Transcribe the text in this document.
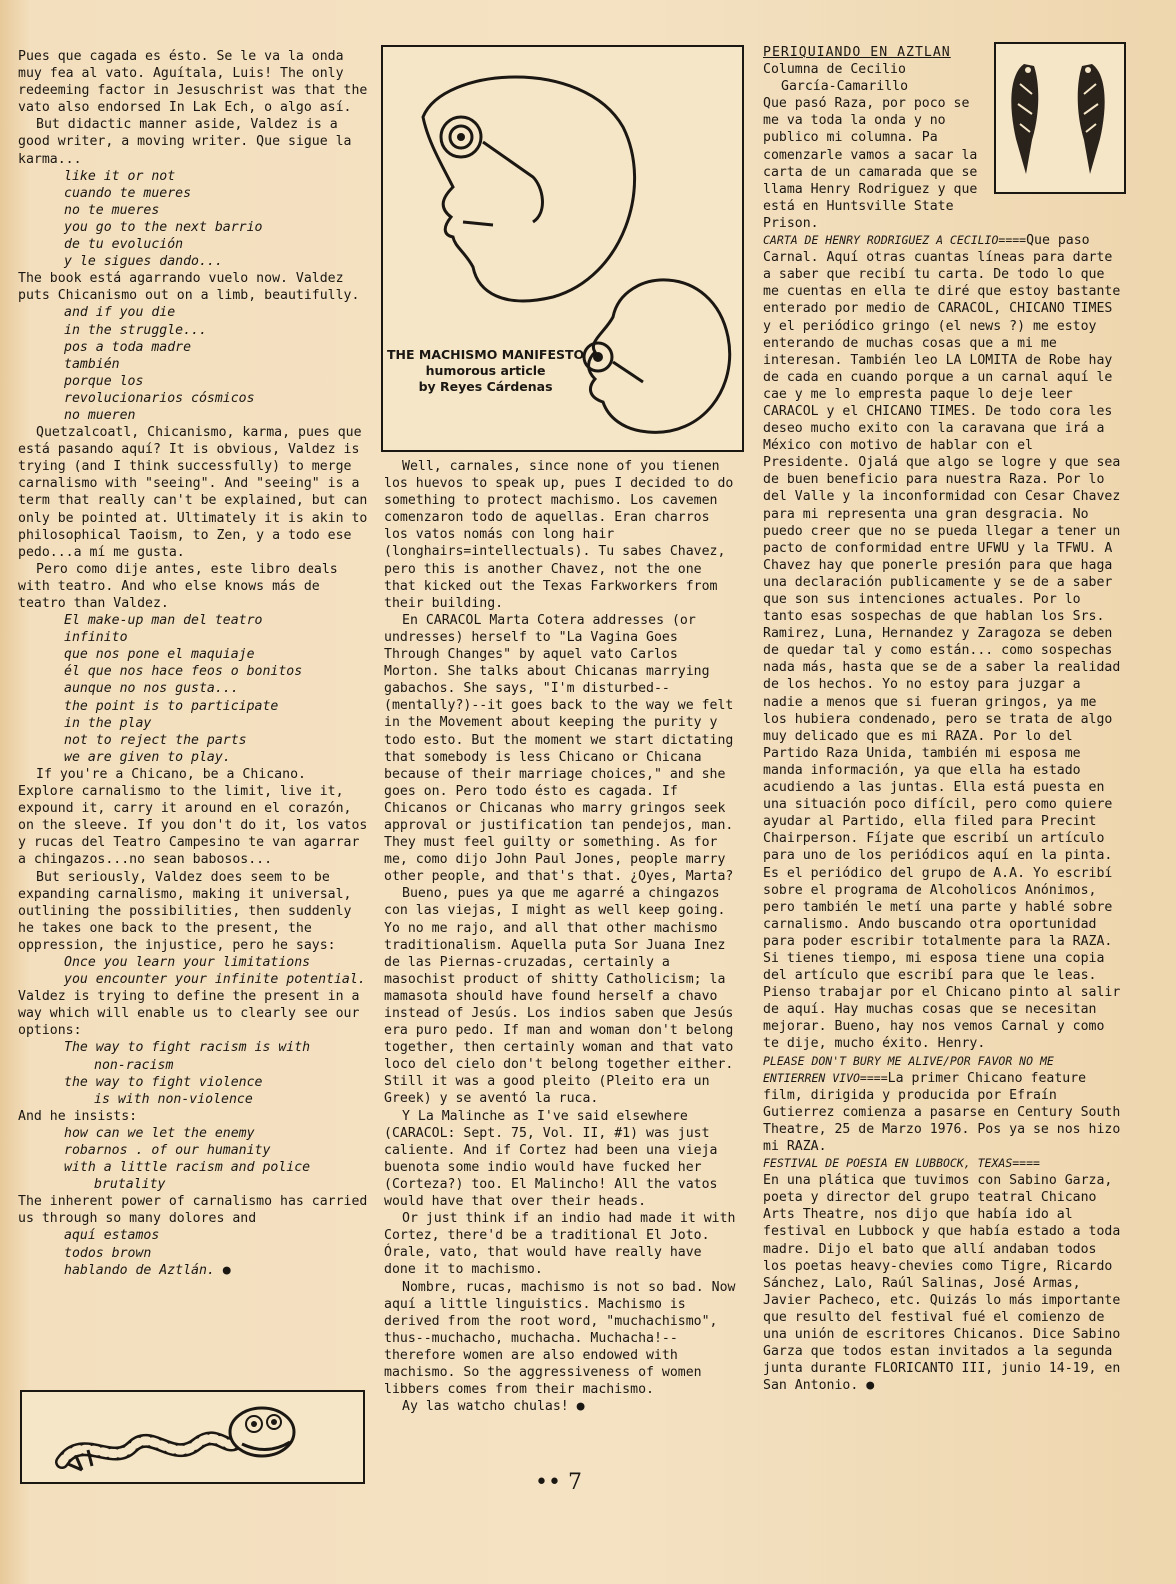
Pues que cagada es ésto. Se le va la onda muy fea al vato. Aguítala, Luis! The only redeeming factor in Jesuschrist was that the vato also endorsed In Lak Ech, o algo así.

But didactic manner aside, Valdez is a good writer, a moving writer. Que sigue la karma...

like it or not
cuando te mueres
no te mueres
you go to the next barrio
de tu evolución
y le sigues dando...

The book está agarrando vuelo now. Valdez puts Chicanismo out on a limb, beautifully.

and if you die
in the struggle...
pos a toda madre
también
porque los
revolucionarios cósmicos
no mueren

Quetzalcoatl, Chicanismo, karma, pues que está pasando aquí? It is obvious, Valdez is trying (and I think successfully) to merge carnalismo with "seeing". And "seeing" is a term that really can't be explained, but can only be pointed at. Ultimately it is akin to philosophical Taoism, to Zen, y a todo ese pedo...a mí me gusta.

Pero como dije antes, este libro deals with teatro. And who else knows más de teatro than Valdez.

El make-up man del teatro
infinito
que nos pone el maquiaje
él que nos hace feos o bonitos
aunque no nos gusta...
the point is to participate
in the play
not to reject the parts
we are given to play.

If you're a Chicano, be a Chicano. Explore carnalismo to the limit, live it, expound it, carry it around en el corazón, on the sleeve. If you don't do it, los vatos y rucas del Teatro Campesino te van agarrar a chingazos...no sean babosos...

But seriously, Valdez does seem to be expanding carnalismo, making it universal, outlining the possibilities, then suddenly he takes one back to the present, the oppression, the injustice, pero he says:

Once you learn your limitations
you encounter your infinite potential.

Valdez is trying to define the present in a way which will enable us to clearly see our options:

The way to fight racism is with
non-racism
the way to fight violence
is with non-violence

And he insists:

how can we let the enemy
robarnos . of our humanity
with a little racism and police
brutality

The inherent power of carnalismo has carried us through so many dolores and

aquí estamos
todos brown
hablando de Aztlán. ●
THE MACHISMO MANIFESTO
humorous article
by Reyes Cárdenas

Well, carnales, since none of you tienen los huevos to speak up, pues I decided to do something to protect machismo. Los cavemen comenzaron todo de aquellas. Eran charros los vatos nomás con long hair (longhairs=intellectuals). Tu sabes Chavez, pero this is another Chavez, not the one that kicked out the Texas Farkworkers from their building.

En CARACOL Marta Cotera addresses (or undresses) herself to "La Vagina Goes Through Changes" by aquel vato Carlos Morton. She talks about Chicanas marrying gabachos. She says, "I'm disturbed--(mentally?)--it goes back to the way we felt in the Movement about keeping the purity y todo esto. But the moment we start dictating that somebody is less Chicano or Chicana because of their marriage choices," and she goes on. Pero todo ésto es cagada. If Chicanos or Chicanas who marry gringos seek approval or justification tan pendejos, man. They must feel guilty or something. As for me, como dijo John Paul Jones, people marry other people, and that's that. ¿Oyes, Marta?

Bueno, pues ya que me agarré a chingazos con las viejas, I might as well keep going. Yo no me rajo, and all that other machismo traditionalism. Aquella puta Sor Juana Inez de las Piernas-cruzadas, certainly a masochist product of shitty Catholicism; la mamasota should have found herself a chavo instead of Jesús. Los indios saben que Jesús era puro pedo. If man and woman don't belong together, then certainly woman and that vato loco del cielo don't belong together either. Still it was a good pleito (Pleito era un Greek) y se aventó la ruca.

Y La Malinche as I've said elsewhere (CARACOL: Sept. 75, Vol. II, #1) was just caliente. And if Cortez had been una vieja buenota some indio would have fucked her (Corteza?) too. El Malincho! All the vatos would have that over their heads.

Or just think if an indio had made it with Cortez, there'd be a traditional El Joto. Órale, vato, that would have really have done it to machismo.

Nombre, rucas, machismo is not so bad. Now aquí a little linguistics. Machismo is derived from the root word, "muchachismo", thus--muchacho, muchacha. Muchacha!--therefore women are also endowed with machismo. So the aggressiveness of women libbers comes from their machismo.

Ay las watcho chulas! ●

PERIQUIANDO EN AZTLAN
Columna de Cecilio
García-Camarillo

Que pasó Raza, por poco se me va toda la onda y no publico mi columna. Pa comenzarle vamos a sacar la carta de un camarada que se llama Henry Rodriguez y que está en Huntsville State Prison.

CARTA DE HENRY RODRIGUEZ A CECILIO====Que paso Carnal. Aquí otras cuantas líneas para darte a saber que recibí tu carta. De todo lo que me cuentas en ella te diré que estoy bastante enterado por medio de CARACOL, CHICANO TIMES y el periódico gringo (el news ?) me estoy enterando de muchas cosas que a mi me interesan. También leo LA LOMITA de Robe hay de cada en cuando porque a un carnal aquí le cae y me lo empresta paque lo deje leer CARACOL y el CHICANO TIMES. De todo cora les deseo mucho exito con la caravana que irá a México con motivo de hablar con el Presidente. Ojalá que algo se logre y que sea de buen beneficio para nuestra Raza. Por lo del Valle y la inconformidad con Cesar Chavez para mi representa una gran desgracia. No puedo creer que no se pueda llegar a tener un pacto de conformidad entre UFWU y la TFWU. A Chavez hay que ponerle presión para que haga una declaración publicamente y se de a saber que son sus intenciones actuales. Por lo tanto esas sospechas de que hablan los Srs. Ramirez, Luna, Hernandez y Zaragoza se deben de quedar tal y como están... como sospechas nada más, hasta que se de a saber la realidad de los hechos. Yo no estoy para juzgar a nadie a menos que si fueran gringos, ya me los hubiera condenado, pero se trata de algo muy delicado que es mi RAZA. Por lo del Partido Raza Unida, también mi esposa me manda información, ya que ella ha estado acudiendo a las juntas. Ella está puesta en una situación poco difícil, pero como quiere ayudar al Partido, ella filed para Precint Chairperson. Fíjate que escribí un artículo para uno de los periódicos aquí en la pinta. Es el periódico del grupo de A.A. Yo escribí sobre el programa de Alcoholicos Anónimos, pero también le metí una parte y hablé sobre carnalismo. Ando buscando otra oportunidad para poder escribir totalmente para la RAZA. Si tienes tiempo, mi esposa tiene una copia del artículo que escribí para que le leas. Pienso trabajar por el Chicano pinto al salir de aquí. Hay muchas cosas que se necesitan mejorar. Bueno, hay nos vemos Carnal y como te dije, mucho éxito. Henry.

PLEASE DON'T BURY ME ALIVE/POR FAVOR NO ME ENTIERREN VIVO====La primer Chicano feature film, dirigida y producida por Efraín Gutierrez comienza a pasarse en Century South Theatre, 25 de Marzo 1976. Pos ya se nos hizo mi RAZA.

FESTIVAL DE POESIA EN LUBBOCK, TEXAS====
En una plática que tuvimos con Sabino Garza, poeta y director del grupo teatral Chicano Arts Theatre, nos dijo que había ido al festival en Lubbock y que había estado a toda madre. Dijo el bato que allí andaban todos los poetas heavy-chevies como Tigre, Ricardo Sánchez, Lalo, Raúl Salinas, José Armas, Javier Pacheco, etc. Quizás lo más importante que resulto del festival fué el comienzo de una unión de escritores Chicanos. Dice Sabino Garza que todos estan invitados a la segunda junta durante FLORICANTO III, junio 14-19, en San Antonio. ●

•• 7
